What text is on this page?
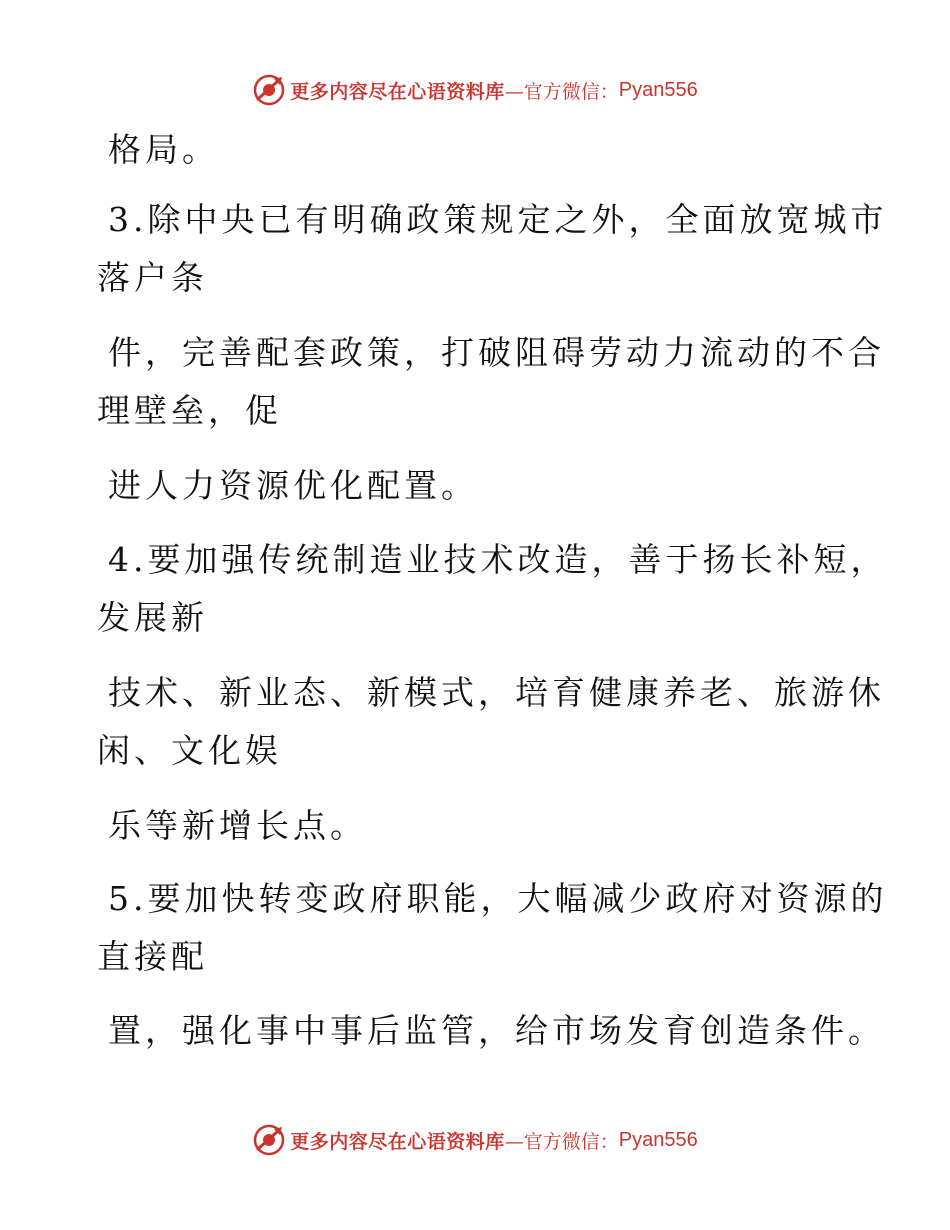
更多内容尽在心语资料库 —官方微信： Pyan556
格局。
3.除中央已有明确政策规定之外，全面放宽城市
落户条
件，完善配套政策，打破阻碍劳动力流动的不合
理壁垒，促
进人力资源优化配置。
4.要加强传统制造业技术改造，善于扬长补短，
发展新
技术、新业态、新模式，培育健康养老、旅游休
闲、文化娱
乐等新增长点。
5.要加快转变政府职能，大幅减少政府对资源的
直接配
置，强化事中事后监管，给市场发育创造条件。
更多内容尽在心语资料库 —官方微信： Pyan556
